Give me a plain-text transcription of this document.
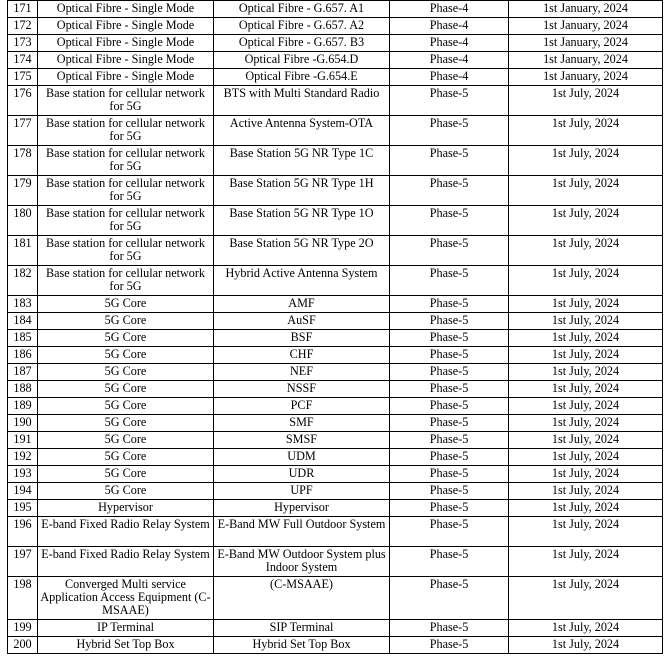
171	Optical Fibre - Single Mode	Optical Fibre - G.657. A1	Phase-4	1st January, 2024
172	Optical Fibre - Single Mode	Optical Fibre - G.657. A2	Phase-4	1st January, 2024
173	Optical Fibre - Single Mode	Optical Fibre - G.657. B3	Phase-4	1st January, 2024
174	Optical Fibre - Single Mode	Optical Fibre -G.654.D	Phase-4	1st January, 2024
175	Optical Fibre - Single Mode	Optical Fibre -G.654.E	Phase-4	1st January, 2024
176	Base station for cellular network for 5G	BTS with Multi Standard Radio	Phase-5	1st July, 2024
177	Base station for cellular network for 5G	Active Antenna System-OTA	Phase-5	1st July, 2024
178	Base station for cellular network for 5G	Base Station 5G NR Type 1C	Phase-5	1st July, 2024
179	Base station for cellular network for 5G	Base Station 5G NR Type 1H	Phase-5	1st July, 2024
180	Base station for cellular network for 5G	Base Station 5G NR Type 1O	Phase-5	1st July, 2024
181	Base station for cellular network for 5G	Base Station 5G NR Type 2O	Phase-5	1st July, 2024
182	Base station for cellular network for 5G	Hybrid Active Antenna System	Phase-5	1st July, 2024
183	5G Core	AMF	Phase-5	1st July, 2024
184	5G Core	AuSF	Phase-5	1st July, 2024
185	5G Core	BSF	Phase-5	1st July, 2024
186	5G Core	CHF	Phase-5	1st July, 2024
187	5G Core	NEF	Phase-5	1st July, 2024
188	5G Core	NSSF	Phase-5	1st July, 2024
189	5G Core	PCF	Phase-5	1st July, 2024
190	5G Core	SMF	Phase-5	1st July, 2024
191	5G Core	SMSF	Phase-5	1st July, 2024
192	5G Core	UDM	Phase-5	1st July, 2024
193	5G Core	UDR	Phase-5	1st July, 2024
194	5G Core	UPF	Phase-5	1st July, 2024
195	Hypervisor	Hypervisor	Phase-5	1st July, 2024
196	E-band Fixed Radio Relay System	E-Band MW Full Outdoor System	Phase-5	1st July, 2024
197	E-band Fixed Radio Relay System	E-Band MW Outdoor System plus Indoor System	Phase-5	1st July, 2024
198	Converged Multi service Application Access Equipment (C-MSAAE)	(C-MSAAE)	Phase-5	1st July, 2024
199	IP Terminal	SIP Terminal	Phase-5	1st July, 2024
200	Hybrid Set Top Box	Hybrid Set Top Box	Phase-5	1st July, 2024
